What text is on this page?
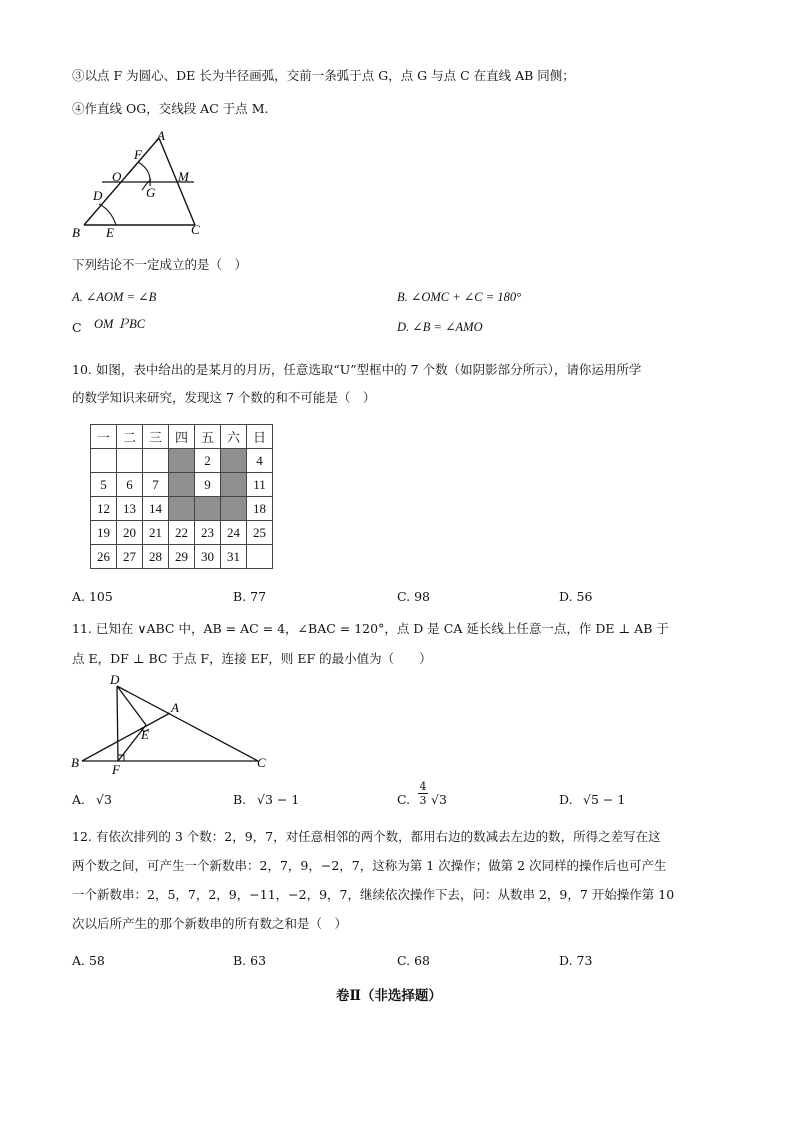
③以点 F 为圆心、DE 长为半径画弧，交前一条弧于点 G，点 G 与点 C 在直线 AB 同侧；
④作直线 OG，交线段 AC 于点 M.
A
F
O	M
G
D
B E	C
下列结论不一定成立的是（　）
A. ∠AOM = ∠B	B. ∠OMC + ∠C = 180°
C OM ＰBC	D. ∠B = ∠AMO
10. 如图，表中给出的是某月的月历，任意选取“U”型框中的 7 个数（如阴影部分所示），请你运用所学
的数学知识来研究，发现这 7 个数的和不可能是（　）
一	二	三	四	五	六	日
				2		4
5	6	7		9		11
12	13	14				18
19	20	21	22	23	24	25
26	27	28	29	30	31	
A. 105	B. 77	C. 98	D. 56
11. 已知在 ∨ABC 中，AB = AC = 4，∠BAC = 120°，点 D 是 CA 延长线上任意一点，作 DE ⊥ AB 于
点 E，DF ⊥ BC 于点 F，连接 EF，则 EF 的最小值为（　　）
D
A
E
B	F	C
A. √3	B. √3 − 1	C. $\frac{4}{3} √3$	D. √5 − 1
12. 有依次排列的 3 个数：2，9，7，对任意相邻的两个数，都用右边的数减去左边的数，所得之差写在这
两个数之间，可产生一个新数串：2，7，9，−2，7，这称为第 1 次操作；做第 2 次同样的操作后也可产生
一个新数串：2，5，7，2，9，−11，−2，9，7，继续依次操作下去，问：从数串 2，9，7 开始操作第 10
次以后所产生的那个新数串的所有数之和是（　）
A. 58	B. 63	C. 68	D. 73
卷Ⅱ（非选择题）
